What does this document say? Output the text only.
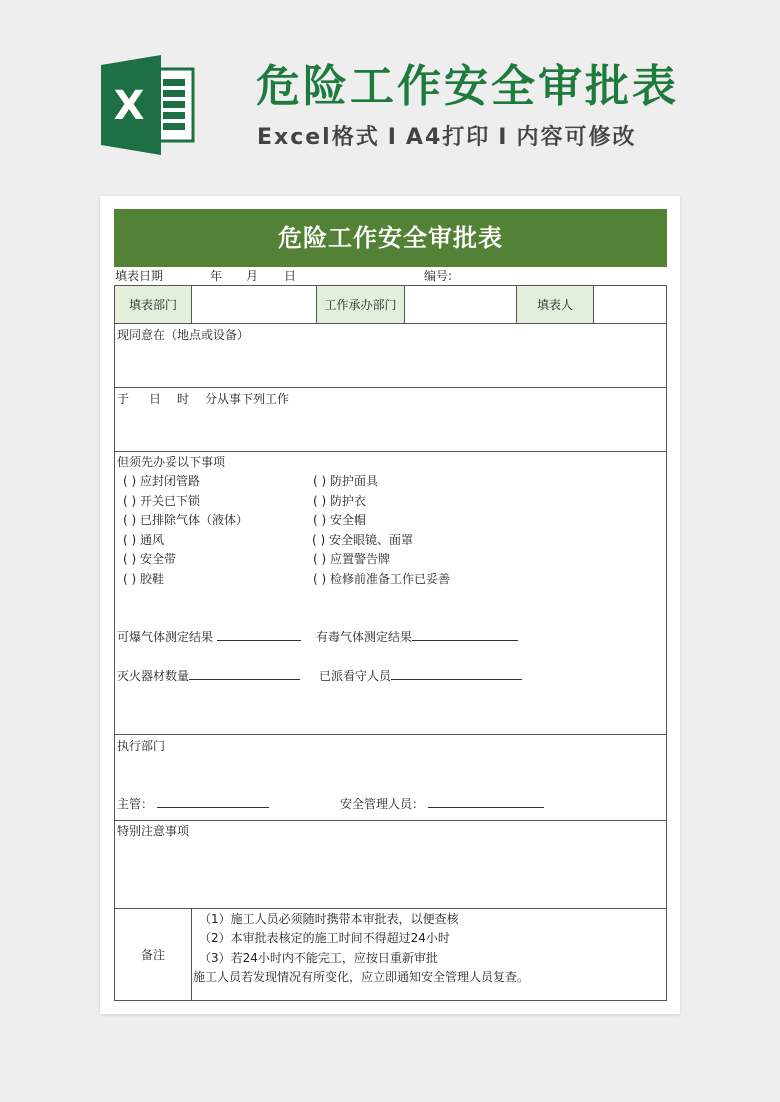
X	危险工作安全审批表
Excel格式 I A4打印 I 内容可修改
危险工作安全审批表
填表日期	年 月 日	编号:
填表部门	工作承办部门	填表人
现同意在（地点或设备）
于 日 时 分从事下列工作
但须先办妥以下事项
( ) 应封闭管路
( ) 开关已下锁
( ) 已排除气体（液体）
( ) 通风
( ) 安全带
( ) 胶鞋
( ) 防护面具
( ) 防护衣
( ) 安全帽
( ) 安全眼镜、面罩
( ) 应置警告牌
( ) 检修前准备工作已妥善
可爆气体测定结果	有毒气体测定结果
灭火器材数量	已派看守人员
执行部门
主管：	安全管理人员：
特别注意事项
备注
（1）施工人员必须随时携带本审批表，以便查核
（2）本审批表核定的施工时间不得超过24小时
（3）若24小时内不能完工，应按日重新审批
施工人员若发现情况有所变化，应立即通知安全管理人员复查。
